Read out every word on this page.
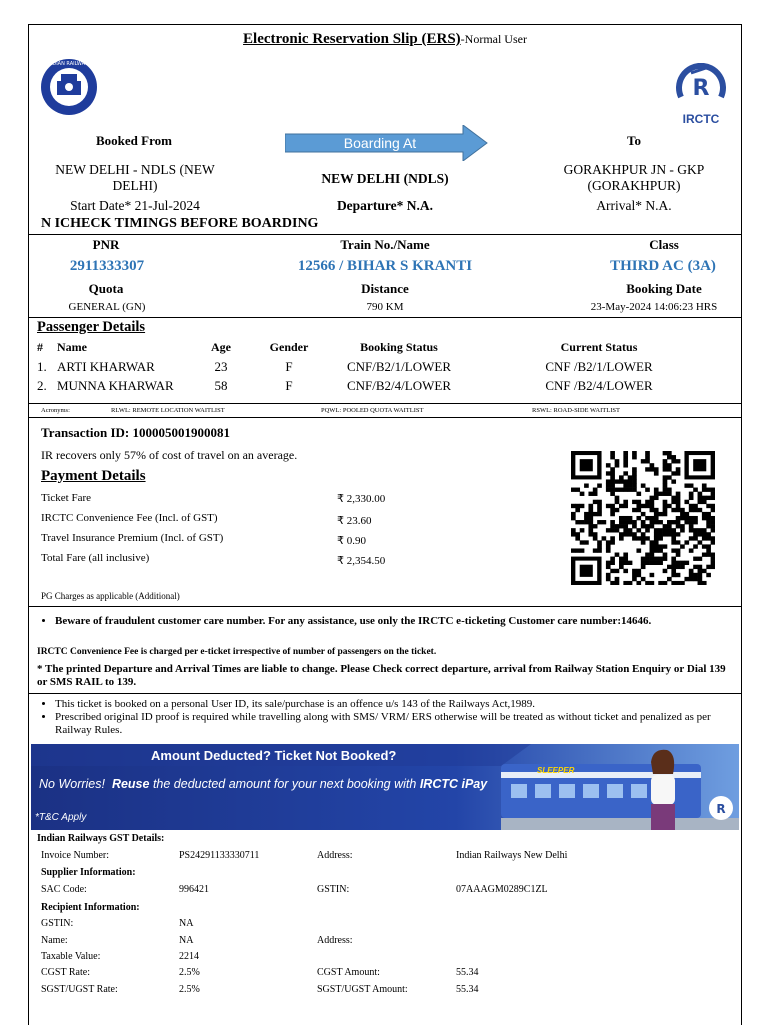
Electronic Reservation Slip (ERS)-Normal User
INDIAN RAILWAYS
R
IRCTC
Booked From	Boarding At	To
NEW DELHI - NDLS (NEW DELHI)	NEW DELHI (NDLS)
GORAKHPUR JN - GKP (GORAKHPUR)
Start Date* 21-Jul-2024	Departure* N.A.	Arrival* N.A.
N ICHECK TIMINGS BEFORE BOARDING
PNR	Train No./Name	Class
2911333307	12566 / BIHAR S KRANTI	THIRD AC (3A)
Quota	Distance	Booking Date
GENERAL (GN)	790 KM	23-May-2024 14:06:23 HRS
Passenger Details
# Name	Age	Gender	Booking Status	Current Status
1. ARTI KHARWAR	23	F	CNF/B2/1/LOWER	CNF /B2/1/LOWER
2. MUNNA KHARWAR	58	F	CNF/B2/4/LOWER	CNF /B2/4/LOWER
Acronyms:	RLWL: REMOTE LOCATION WAITLIST	PQWL: POOLED QUOTA WAITLIST	RSWL: ROAD-SIDE WAITLIST
Transaction ID: 100005001900081
IR recovers only 57% of cost of travel on an average.
Payment Details
Ticket Fare	₹ 2,330.00
IRCTC Convenience Fee (Incl. of GST)	₹ 23.60
Travel Insurance Premium (Incl. of GST)	₹ 0.90
Total Fare (all inclusive)	₹ 2,354.50
PG Charges as applicable (Additional)
• Beware of fraudulent customer care number. For any assistance, use only the IRCTC e-ticketing Customer care number:14646.
IRCTC Convenience Fee is charged per e-ticket irrespective of number of passengers on the ticket.
* The printed Departure and Arrival Times are liable to change. Please Check correct departure, arrival from Railway Station Enquiry or Dial 139 or SMS RAIL to 139.
• This ticket is booked on a personal User ID, its sale/purchase is an offence u/s 143 of the Railways Act,1989.
• Prescribed original ID proof is required while travelling along with SMS/ VRM/ ERS otherwise will be treated as without ticket and penalized as per Railway Rules.
R
Amount Deducted? Ticket Not Booked?
No Worries! Reuse the deducted amount for your next booking with IRCTC iPay
*T&C Apply
SLEEPER
Indian Railways GST Details:
Invoice Number:	PS24291133330711	Address:	Indian Railways New Delhi
Supplier Information:
SAC Code:	996421	GSTIN:	07AAAGM0289C1ZL
Recipient Information:
GSTIN:	NA
Name:	NA	Address:
Taxable Value:	2214
CGST Rate:	2.5%	CGST Amount:	55.34
SGST/UGST Rate:	2.5%	SGST/UGST Amount:	55.34
